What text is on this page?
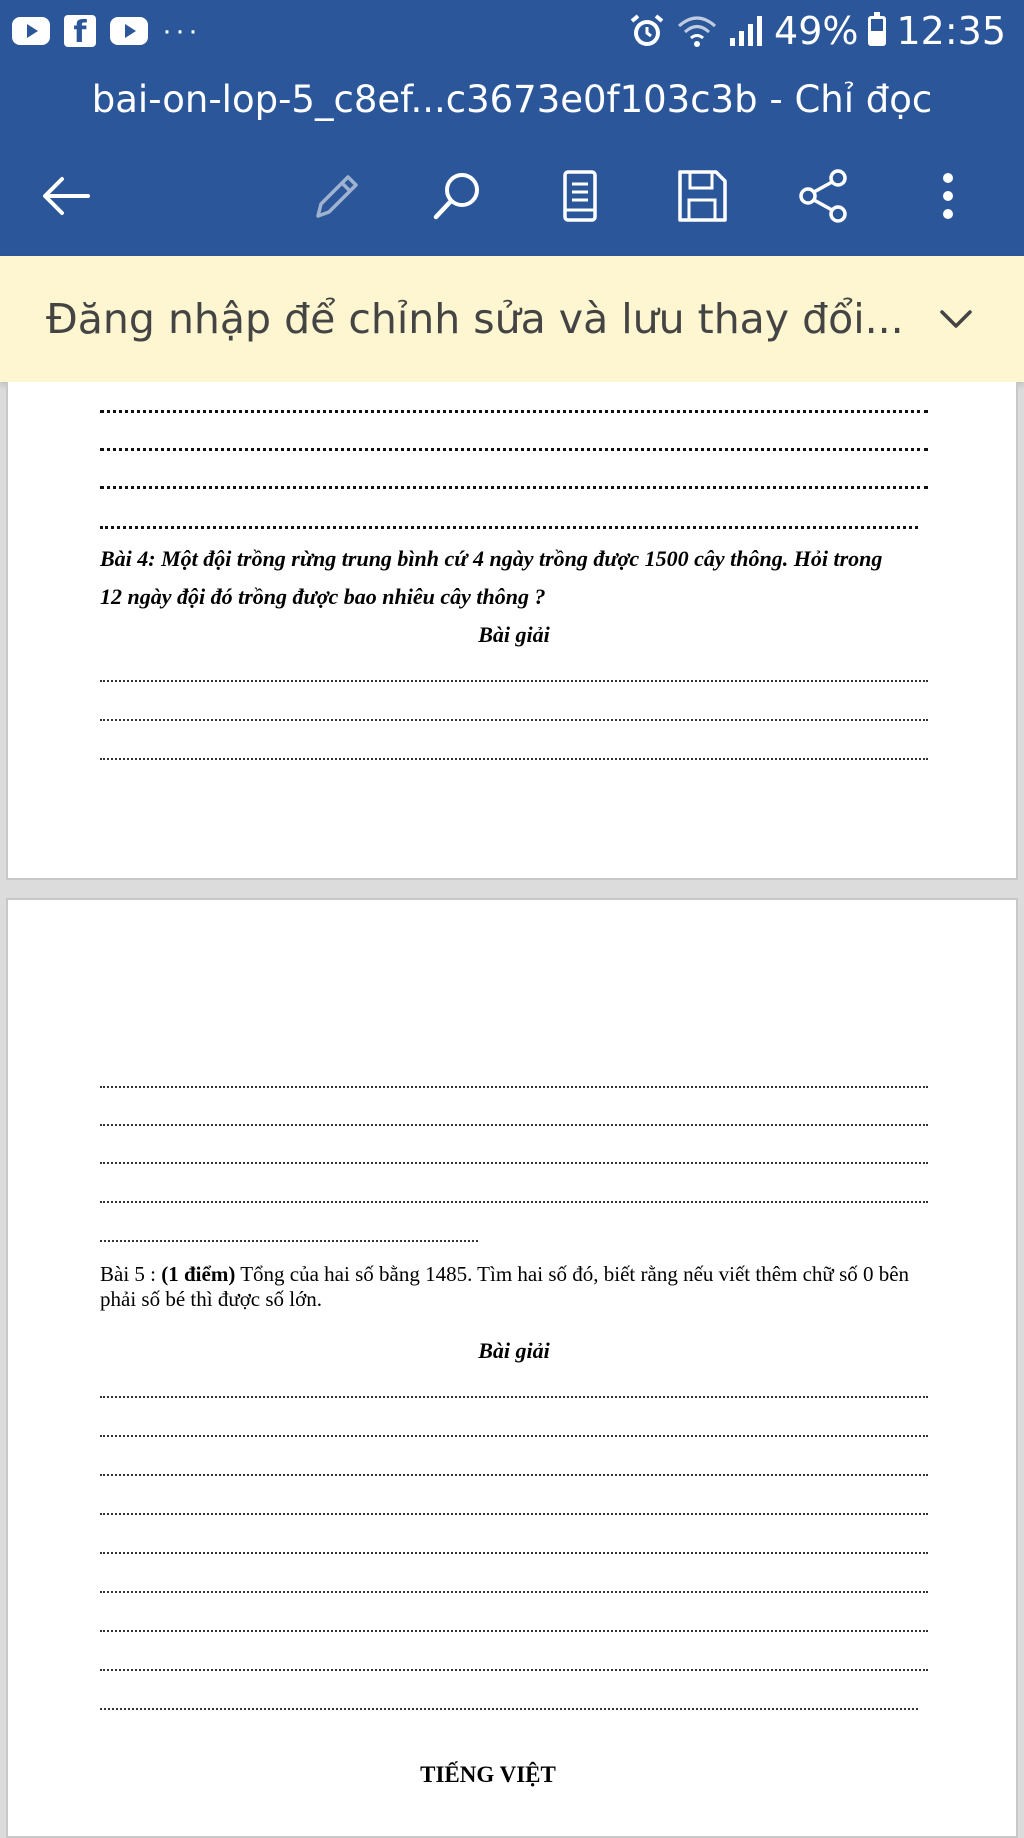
f	···	49% 12:35
bai-on-lop-5_c8ef...c3673e0f103c3b - Chỉ đọc
Đăng nhập để chỉnh sửa và lưu thay đổi...
Bài 4: Một đội trồng rừng trung bình cứ 4 ngày trồng được 1500 cây thông. Hỏi trong
12 ngày đội đó trồng được bao nhiêu cây thông ?
Bài giải
Bài 5 : (1 điểm) Tổng của hai số bằng 1485. Tìm hai số đó, biết rằng nếu viết thêm chữ số 0 bên phải số bé thì được số lớn.
Bài giải
TIẾNG VIỆT
